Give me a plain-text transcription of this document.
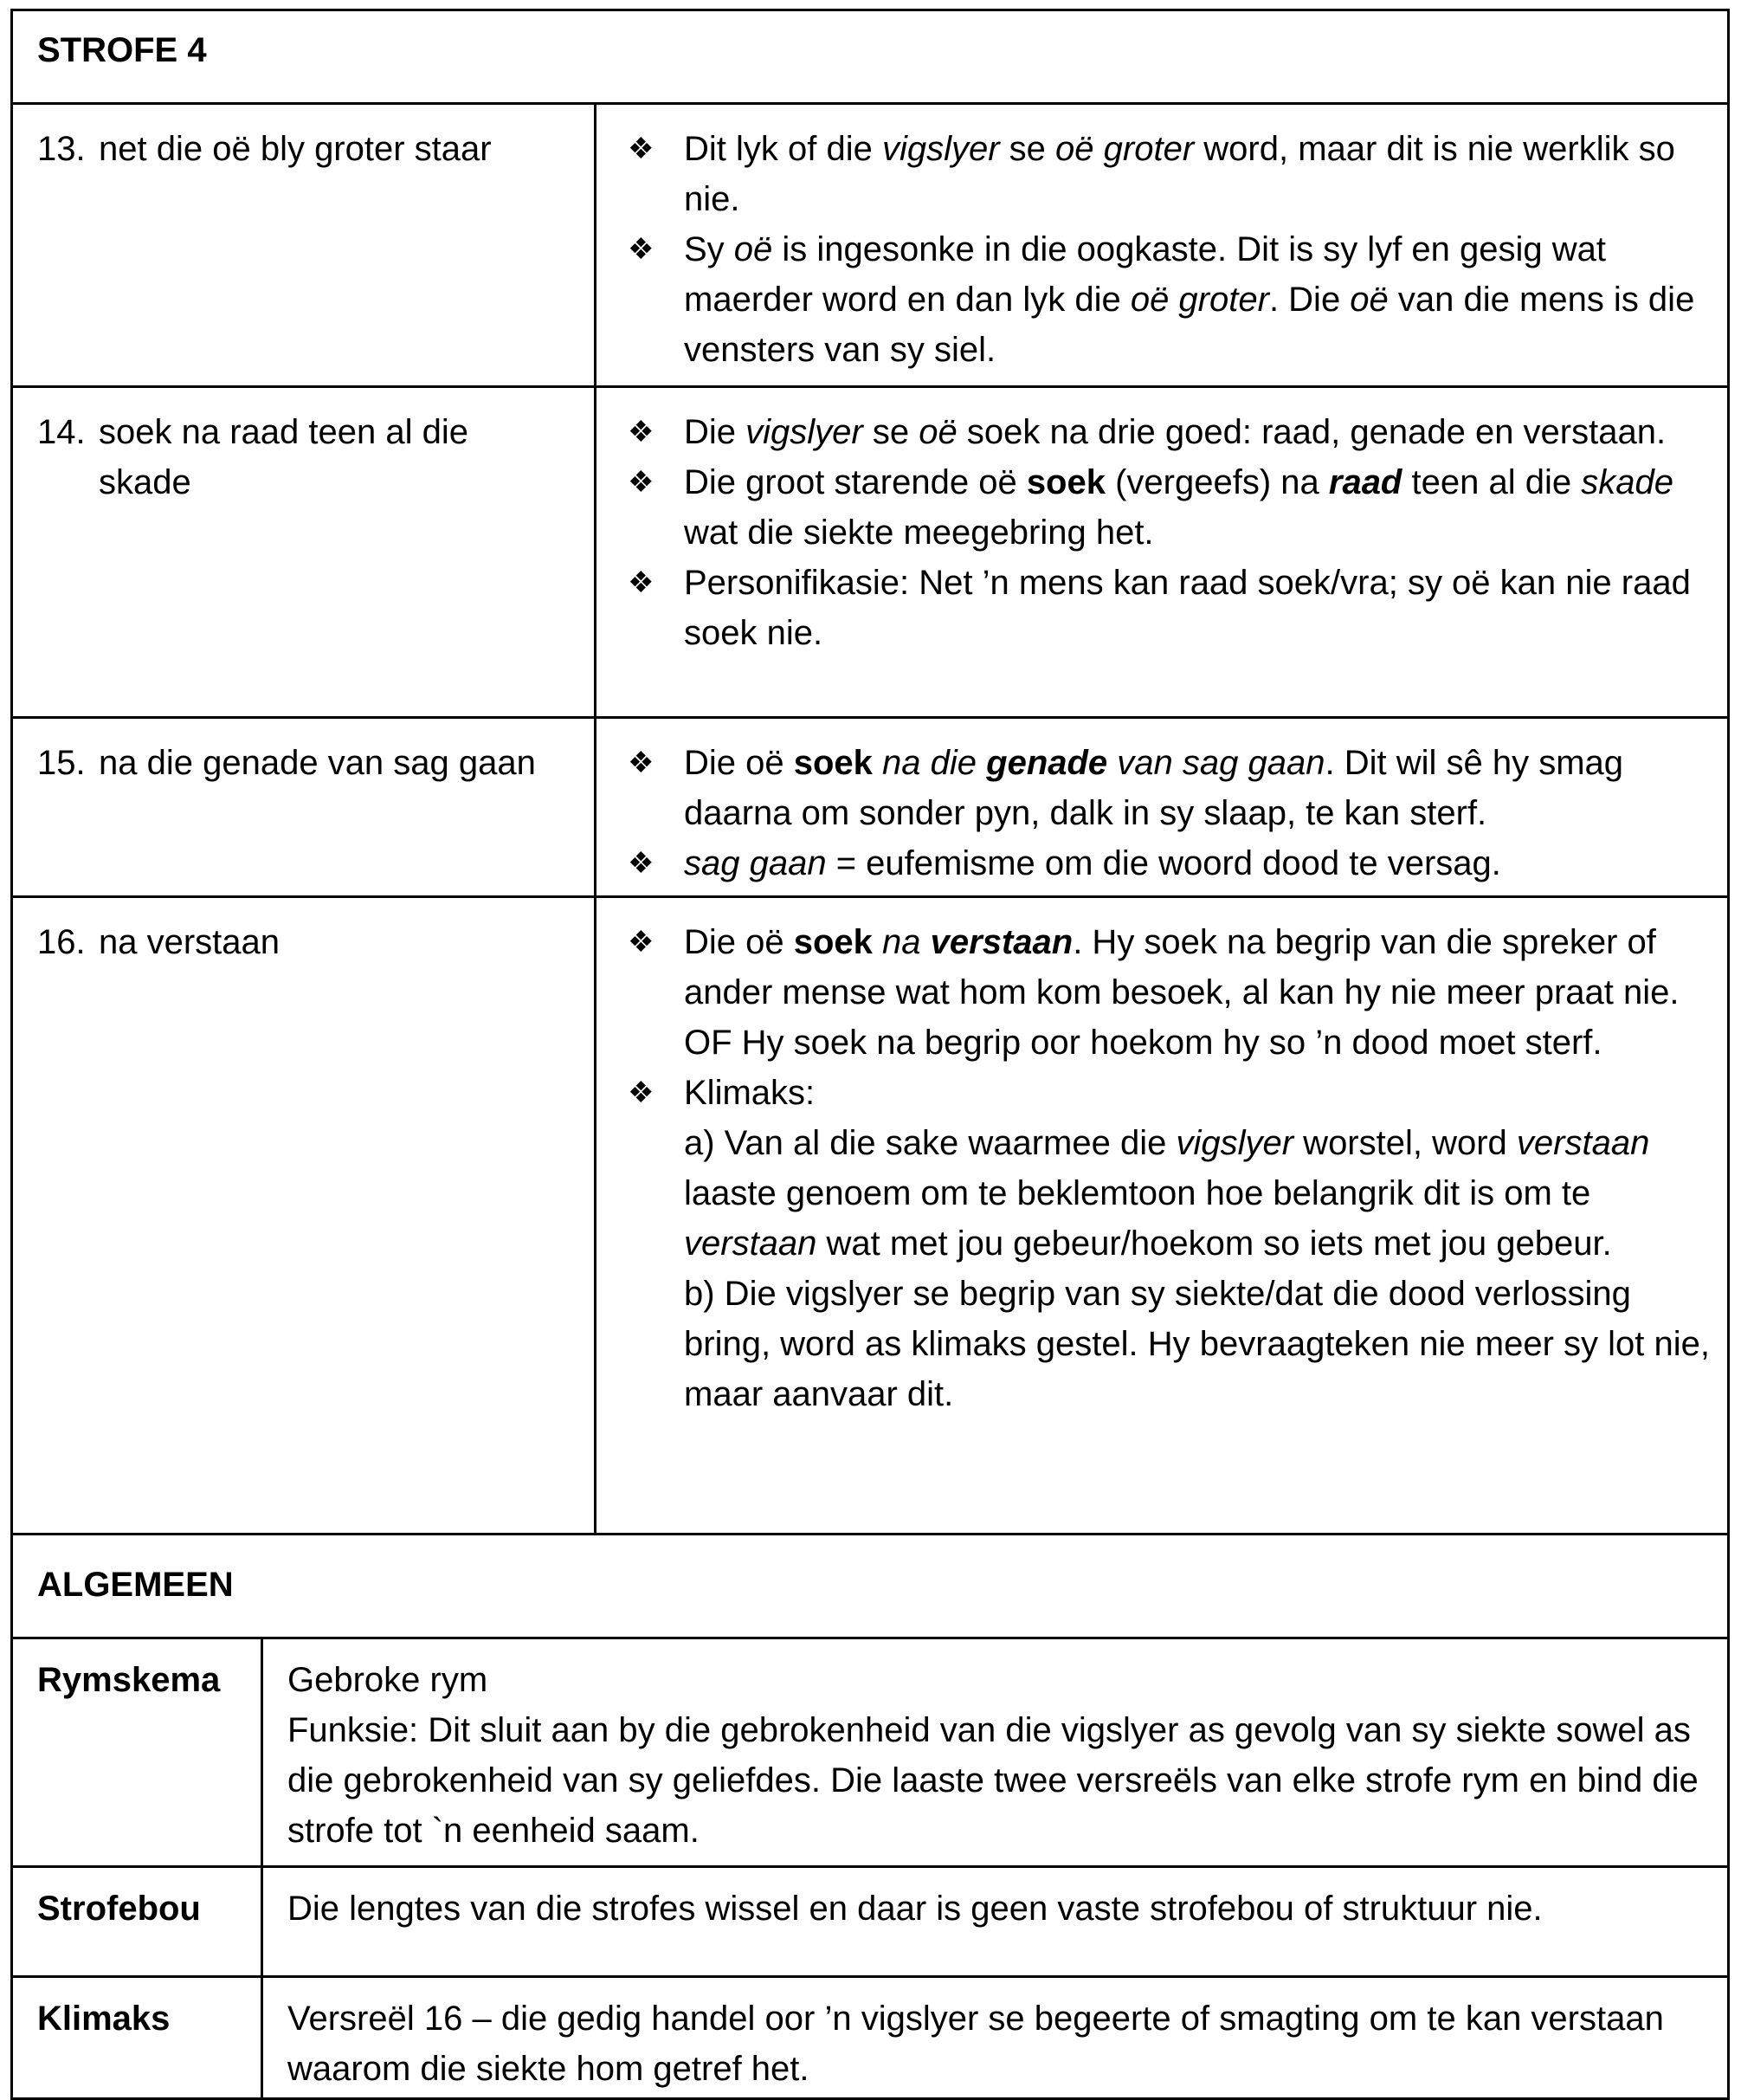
STROFE 4
13. net die oë bly groter staar	❖ Dit lyk of die vigslyer se oë groter word, maar dit is nie werklik so nie.
❖ Sy oë is ingesonke in die oogkaste. Dit is sy lyf en gesig wat maerder word en dan lyk die oë groter. Die oë van die mens is die vensters van sy siel.
14. soek na raad teen al die skade
❖ Die vigslyer se oë soek na drie goed: raad, genade en verstaan.
❖ Die groot starende oë soek (vergeefs) na raad teen al die skade wat die siekte meegebring het.
❖ Personifikasie: Net ’n mens kan raad soek/vra; sy oë kan nie raad soek nie.
15. na die genade van sag gaan	❖ Die oë soek na die genade van sag gaan. Dit wil sê hy smag daarna om sonder pyn, dalk in sy slaap, te kan sterf.
❖ sag gaan = eufemisme om die woord dood te versag.
16. na verstaan	❖ Die oë soek na verstaan. Hy soek na begrip van die spreker of ander mense wat hom kom besoek, al kan hy nie meer praat nie. OF Hy soek na begrip oor hoekom hy so ’n dood moet sterf.
❖ Klimaks:
a) Van al die sake waarmee die vigslyer worstel, word verstaan laaste genoem om te beklemtoon hoe belangrik dit is om te verstaan wat met jou gebeur/hoekom so iets met jou gebeur.
b) Die vigslyer se begrip van sy siekte/dat die dood verlossing bring, word as klimaks gestel. Hy bevraagteken nie meer sy lot nie, maar aanvaar dit.
ALGEMEEN
Rymskema	Gebroke rym
Funksie: Dit sluit aan by die gebrokenheid van die vigslyer as gevolg van sy siekte sowel as die gebrokenheid van sy geliefdes. Die laaste twee versreëls van elke strofe rym en bind die strofe tot `n eenheid saam.
Strofebou	Die lengtes van die strofes wissel en daar is geen vaste strofebou of struktuur nie.
Klimaks	Versreël 16 – die gedig handel oor ’n vigslyer se begeerte of smagting om te kan verstaan waarom die siekte hom getref het.
